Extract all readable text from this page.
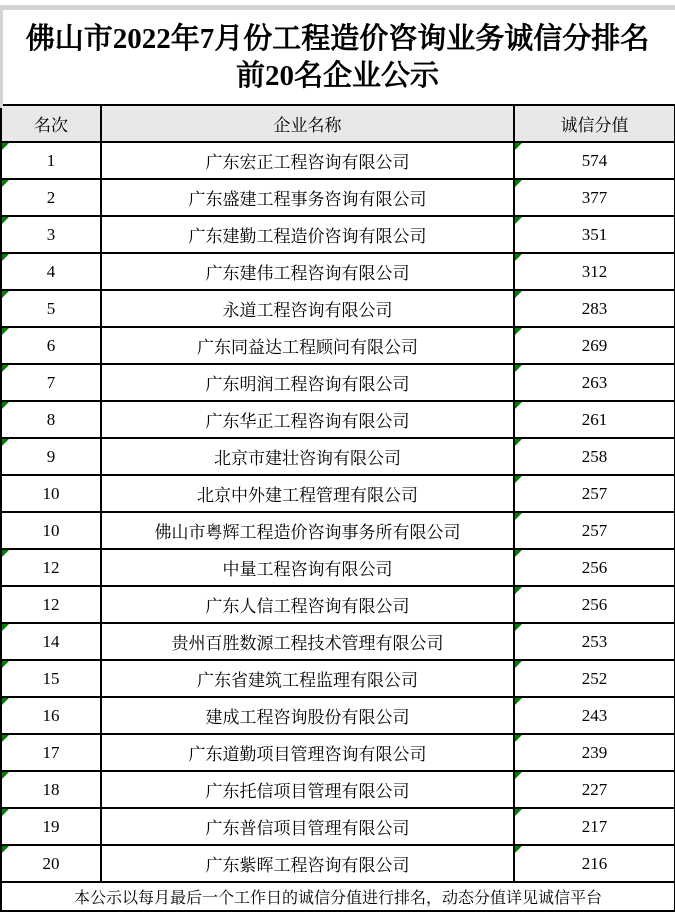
佛山市2022年7月份工程造价咨询业务诚信分排名
前20名企业公示
名次	企业名称	诚信分值

1	广东宏正工程咨询有限公司	574

2	广东盛建工程事务咨询有限公司	377

3	广东建勤工程造价咨询有限公司	351

4	广东建伟工程咨询有限公司	312

5	永道工程咨询有限公司	283

6	广东同益达工程顾问有限公司	269

7	广东明润工程咨询有限公司	263

8	广东华正工程咨询有限公司	261

9	北京市建壮咨询有限公司	258
10	北京中外建工程管理有限公司	257
10	佛山市粤辉工程造价咨询事务所有限公司	257

12	中量工程咨询有限公司	256
12	广东人信工程咨询有限公司	256

14	贵州百胜数源工程技术管理有限公司	253

15	广东省建筑工程监理有限公司	252

16	建成工程咨询股份有限公司	243

17	广东道勤项目管理咨询有限公司	239

18	广东托信项目管理有限公司	227

19	广东普信项目管理有限公司	217

20	广东紫晖工程咨询有限公司	216
本公示以每月最后一个工作日的诚信分值进行排名，动态分值详见诚信平台		
